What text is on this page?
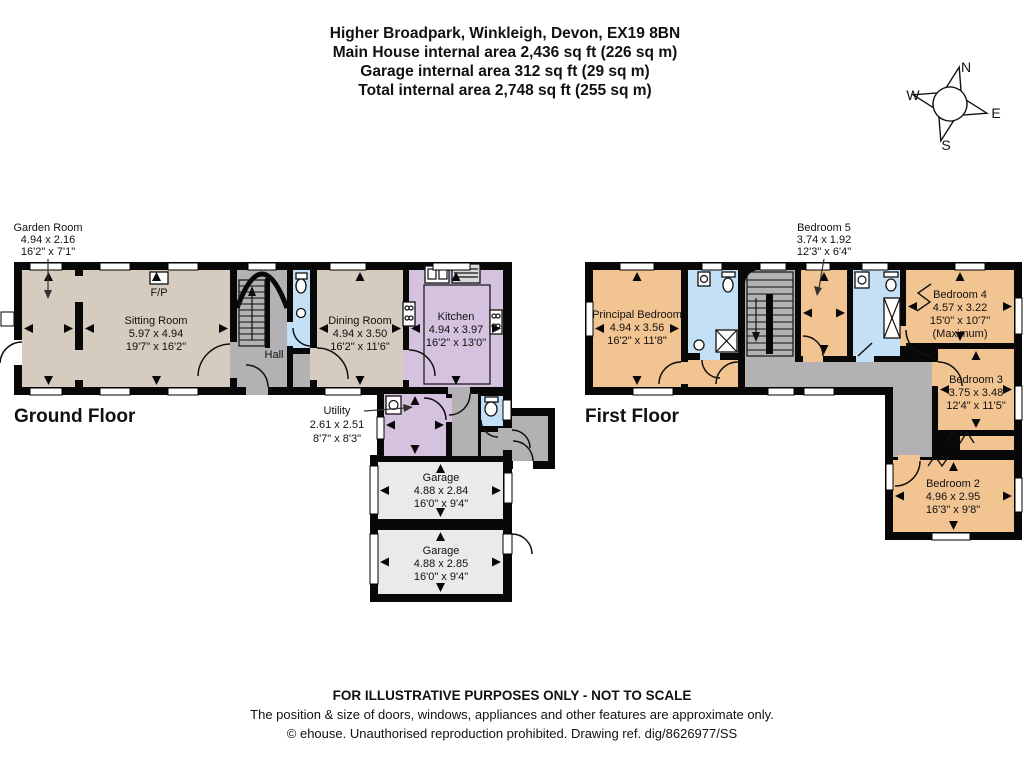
Higher Broadpark, Winkleigh, Devon, EX19 8BN
Main House internal area 2,436 sq ft (226 sq m)
Garage internal area 312 sq ft (29 sq m)
Total internal area 2,748 sq ft (255 sq m)
N
E
S
W
Ground Floor	First Floor
Garden Room
4.94 x 2.16
16'2" x 7'1"
Sitting Room
5.97 x 4.94
19'7" x 16'2"
F/P
Hall
Dining Room
4.94 x 3.50
16'2" x 11'6"
Kitchen
4.94 x 3.97
16'2" x 13'0"
Utility
2.61 x 2.51
8'7" x 8'3"
Garage
4.88 x 2.84
16'0" x 9'4"
Garage
4.88 x 2.85
16'0" x 9'4"
Principal Bedroom
4.94 x 3.56
16'2" x 11'8"
Bedroom 5
3.74 x 1.92
12'3" x 6'4"
Bedroom 4
4.57 x 3.22
15'0" x 10'7"
(Maximum)
Bedroom 3
3.75 x 3.48
12'4" x 11'5"
Bedroom 2
4.96 x 2.95
16'3" x 9'8"
FOR ILLUSTRATIVE PURPOSES ONLY - NOT TO SCALE
The position & size of doors, windows, appliances and other features are approximate only.
© ehouse. Unauthorised reproduction prohibited. Drawing ref. dig/8626977/SS
